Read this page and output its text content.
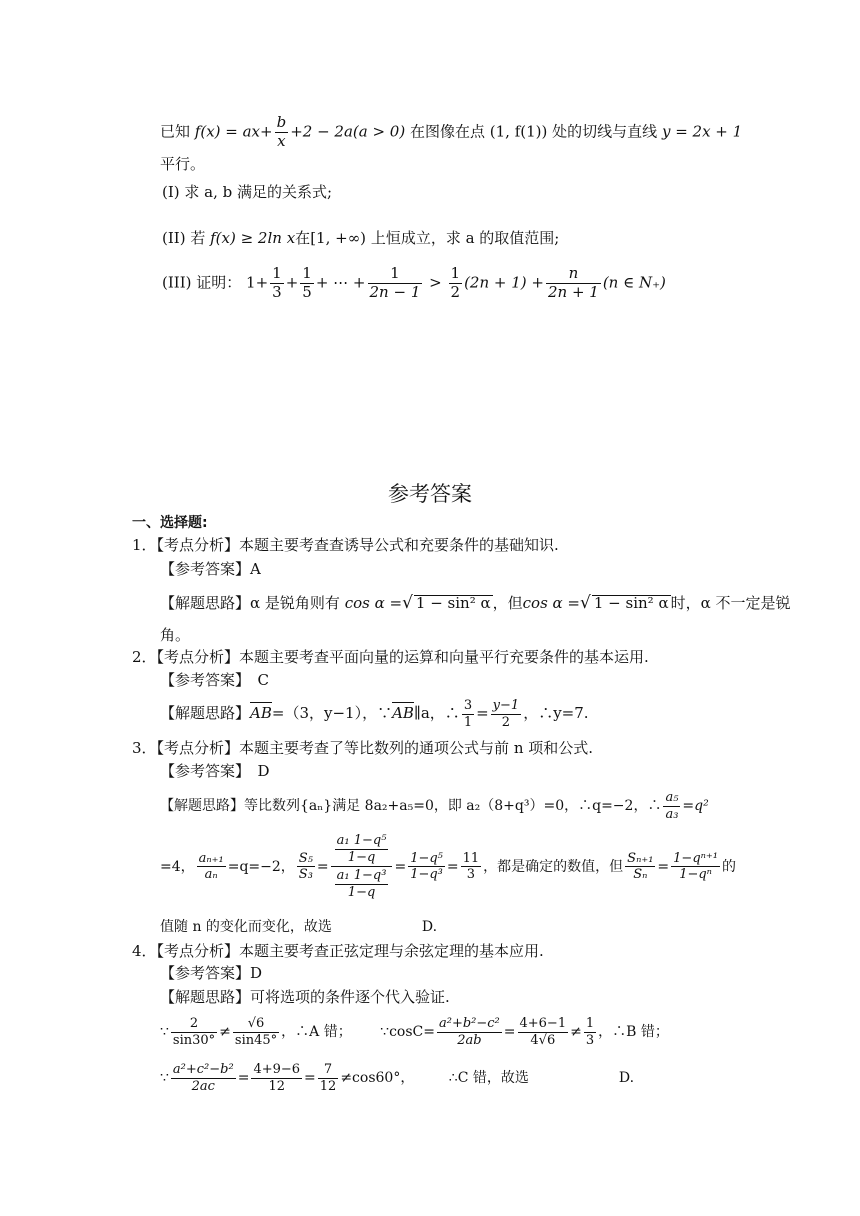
已知 $f(x) = ax+ \frac{b}{x} +2 - 2a(a > 0)$ 在图像在点 (1, f(1)) 处的切线与直线 y = 2x + 1
平行。
(I) 求 a, b 满足的关系式;
(II) 若 f(x) ≥ 2ln x在[1, +∞) 上恒成立，求 a 的取值范围;
(III) 证明： $1+ \frac{1}{3} + \frac{1}{5}$ + ⋯ + $\frac{1}{2n - 1} > \frac{1}{2} (2n + 1) + \frac{n}{2n + 1} (n$ ∈ N₊)
参考答案
一、选择题:
1．【考点分析】本题主要考查查诱导公式和充要条件的基础知识.
【参考答案】A
【解题思路】α 是锐角则有 cos α =√ 1 − sin² α ，但cos α =√ 1 − sin² α 时，α 不一定是锐
角。
2．【考点分析】本题主要考查平面向量的运算和向量平行充要条件的基本运用.
【参考答案】　C
【解题思路】AB=（3，y−1），∵AB∥a，∴ $\frac{3}{1} = \frac{y-1}{2}$ ，∴y=7.
3．【考点分析】本题主要考查了等比数列的通项公式与前 n 项和公式.
【参考答案】　D
【解题思路】等比数列{aₙ}满足 8a₂+a₅=0，即 a₂（8+q³）=0，∴q=−2，∴ $\frac{\text{a₅}}{\text{a₃}} =q^2$
=4， $\frac{\text{aₙ₊₁}}{\text{aₙ}} =q=-2$， $\frac{\text{S₅}}{\text{S₃}} = \frac{\frac{\text{a₁ 1−q⁵}}{1-q}}{\frac{\text{a₁ 1−q³}}{1-q}} = \frac{\text{1−q⁵}}{\text{1−q³}} = \frac{11}{3}$ ，都是确定的数值，但 $\frac{\text{Sₙ₊₁}}{\text{Sₙ}} = \frac{\text{1−qⁿ⁺¹}}{\text{1−qⁿ}}$ 的
值随 n 的变化而变化，故选	D.
4．【考点分析】本题主要考查正弦定理与余弦定理的基本应用.
【参考答案】D
【解题思路】可将选项的条件逐个代入验证.
∵ $\frac{2}{\sin 30^\circ} \ne \frac{√6}{\sin 45^\circ}$ ，∴A 错； ∵cosC= $\frac{\text{a²+b²−c²}}{2ab} = \frac{4+6-1}{4√6} \ne \frac{1}{3}$ ，∴B 错；
∵ $\frac{\text{a²+c²−b²}}{2ac} = \frac{4+9-6}{12} = \frac{7}{12} \ne\cos 60^\circ$， ∴C 错，故选	D.
